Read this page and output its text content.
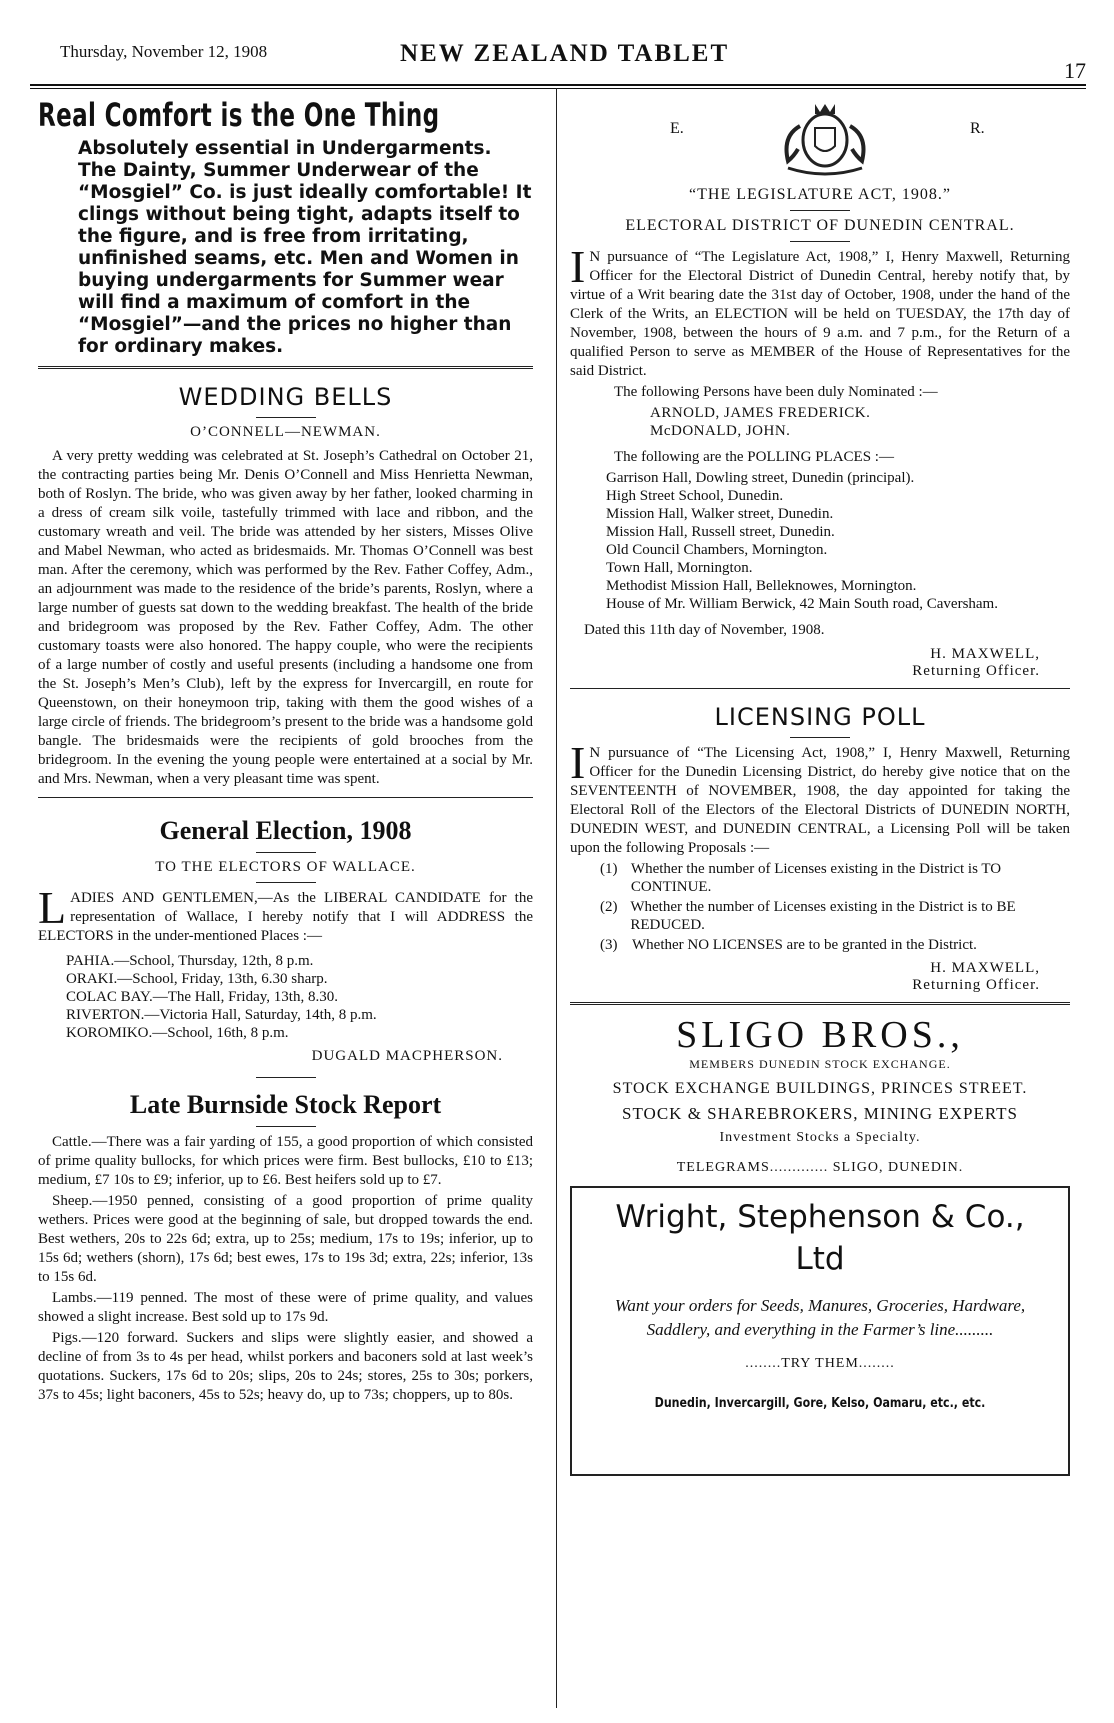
Thursday, November 12, 1908	NEW ZEALAND TABLET
17
Real Comfort is the One Thing
Absolutely essential in Undergarments. The Dainty, Summer Underwear of the “Mosgiel” Co. is just ideally comfortable! It clings without being tight, adapts itself to the figure, and is free from irritating, unfinished seams, etc. Men and Women in buying undergarments for Summer wear will find a maximum of comfort in the “Mosgiel”—and the prices no higher than for ordinary makes.
WEDDING BELLS
O’CONNELL—NEWMAN.

A very pretty wedding was celebrated at St. Joseph’s Cathedral on October 21, the contracting parties being Mr. Denis O’Connell and Miss Henrietta Newman, both of Roslyn. The bride, who was given away by her father, looked charming in a dress of cream silk voile, tastefully trimmed with lace and ribbon, and the customary wreath and veil. The bride was attended by her sisters, Misses Olive and Mabel Newman, who acted as bridesmaids. Mr. Thomas O’Connell was best man. After the ceremony, which was performed by the Rev. Father Coffey, Adm., an adjournment was made to the residence of the bride’s parents, Roslyn, where a large number of guests sat down to the wedding breakfast. The health of the bride and bridegroom was proposed by the Rev. Father Coffey, Adm. The other customary toasts were also honored. The happy couple, who were the recipients of a large number of costly and useful presents (including a handsome one from the St. Joseph’s Men’s Club), left by the express for Invercargill, en route for Queenstown, on their honeymoon trip, taking with them the good wishes of a large circle of friends. The bridegroom’s present to the bride was a handsome gold bangle. The bridesmaids were the recipients of gold brooches from the bridegroom. In the evening the young people were entertained at a social by Mr. and Mrs. Newman, when a very pleasant time was spent.

General Election, 1908
TO THE ELECTORS OF WALLACE.

LADIES AND GENTLEMEN,—As the LIBERAL CANDIDATE for the representation of Wallace, I hereby notify that I will ADDRESS the ELECTORS in the under-mentioned Places :—

PAHIA.—School, Thursday, 12th, 8 p.m.
ORAKI.—School, Friday, 13th, 6.30 sharp.
COLAC BAY.—The Hall, Friday, 13th, 8.30.
RIVERTON.—Victoria Hall, Saturday, 14th, 8 p.m.
KOROMIKO.—School, 16th, 8 p.m.
DUGALD MACPHERSON.
Late Burnside Stock Report

Cattle.—There was a fair yarding of 155, a good proportion of which consisted of prime quality bullocks, for which prices were firm. Best bullocks, £10 to £13; medium, £7 10s to £9; inferior, up to £6. Best heifers sold up to £7.

Sheep.—1950 penned, consisting of a good proportion of prime quality wethers. Prices were good at the beginning of sale, but dropped towards the end. Best wethers, 20s to 22s 6d; extra, up to 25s; medium, 17s to 19s; inferior, up to 15s 6d; wethers (shorn), 17s 6d; best ewes, 17s to 19s 3d; extra, 22s; inferior, 13s to 15s 6d.

Lambs.—119 penned. The most of these were of prime quality, and values showed a slight increase. Best sold up to 17s 9d.

Pigs.—120 forward. Suckers and slips were slightly easier, and showed a decline of from 3s to 4s per head, whilst porkers and baconers sold at last week’s quotations. Suckers, 17s 6d to 20s; slips, 20s to 24s; stores, 25s to 30s; porkers, 37s to 45s; light baconers, 45s to 52s; heavy do, up to 73s; choppers, up to 80s.

E.	R.
“THE LEGISLATURE ACT, 1908.”
ELECTORAL DISTRICT OF DUNEDIN CENTRAL.

IN pursuance of “The Legislature Act, 1908,” I, Henry Maxwell, Returning Officer for the Electoral District of Dunedin Central, hereby notify that, by virtue of a Writ bearing date the 31st day of October, 1908, under the hand of the Clerk of the Writs, an ELECTION will be held on TUESDAY, the 17th day of November, 1908, between the hours of 9 a.m. and 7 p.m., for the Return of a qualified Person to serve as MEMBER of the House of Representatives for the said District.

The following Persons have been duly Nominated :—

ARNOLD, JAMES FREDERICK.
McDONALD, JOHN.

The following are the POLLING PLACES :—

Garrison Hall, Dowling street, Dunedin (principal).
High Street School, Dunedin.
Mission Hall, Walker street, Dunedin.
Mission Hall, Russell street, Dunedin.
Old Council Chambers, Mornington.
Town Hall, Mornington.
Methodist Mission Hall, Belleknowes, Mornington.
House of Mr. William Berwick, 42 Main South road, Caversham.

Dated this 11th day of November, 1908.

H. MAXWELL,
Returning Officer.
LICENSING POLL

IN pursuance of “The Licensing Act, 1908,” I, Henry Maxwell, Returning Officer for the Dunedin Licensing District, do hereby give notice that on the SEVENTEENTH of NOVEMBER, 1908, the day appointed for taking the Electoral Roll of the Electors of the Electoral Districts of DUNEDIN NORTH, DUNEDIN WEST, and DUNEDIN CENTRAL, a Licensing Poll will be taken upon the following Proposals :—

(1) Whether the number of Licenses existing in the District is TO CONTINUE.
(2) Whether the number of Licenses existing in the District is to BE REDUCED.
(3) Whether NO LICENSES are to be granted in the District.
H. MAXWELL,
Returning Officer.
SLIGO BROS.,
MEMBERS DUNEDIN STOCK EXCHANGE.
STOCK EXCHANGE BUILDINGS, PRINCES STREET.
STOCK & SHAREBROKERS, MINING EXPERTS
Investment Stocks a Specialty.
TELEGRAMS............. SLIGO, DUNEDIN.
Wright, Stephenson & Co.,
Ltd
Want your orders for Seeds, Manures, Groceries, Hardware, Saddlery, and everything in the Farmer’s line.........
........TRY THEM........
Dunedin, Invercargill, Gore, Kelso, Oamaru, etc., etc.
